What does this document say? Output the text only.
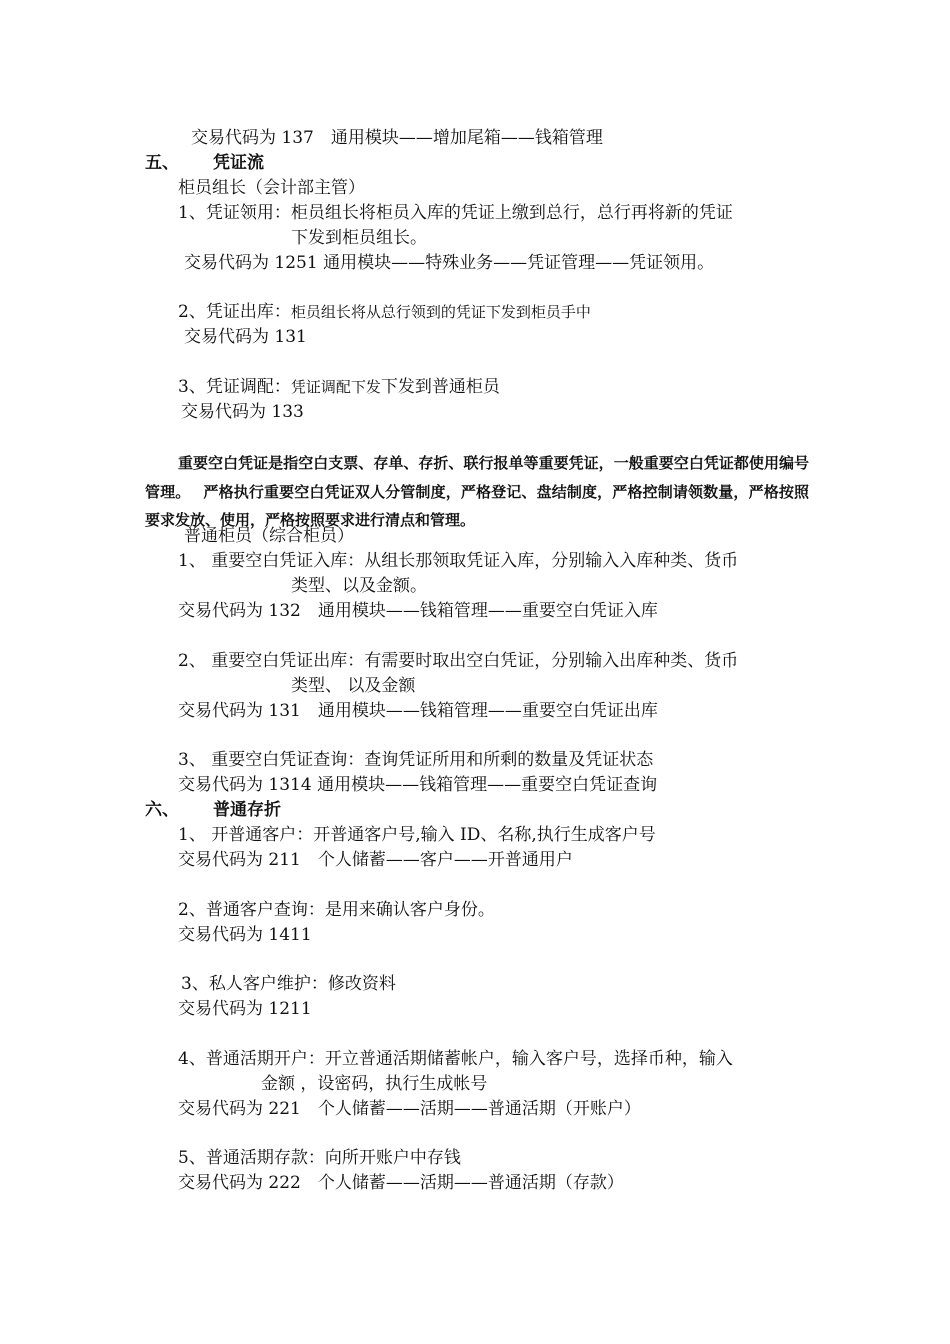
交易代码为 137　通用模块——增加尾箱——钱箱管理
五、 凭证流
柜员组长（会计部主管）
1、凭证领用：柜员组长将柜员入库的凭证上缴到总行，总行再将新的凭证
下发到柜员组长。
交易代码为 1251 通用模块——特殊业务——凭证管理——凭证领用。
2、凭证出库：柜员组长将从总行领到的凭证下发到柜员手中
交易代码为 131
3、凭证调配：凭证调配下发下发到普通柜员
交易代码为 133
重要空白凭证是指空白支票、存单、存折、联行报单等重要凭证，一般重要空白凭证都使用编号管理。　 严格执行重要空白凭证双人分管制度，严格登记、盘结制度，严格控制请领数量，严格按照要求发放、使用，严格按照要求进行清点和管理。
普通柜员（综合柜员）
1、 重要空白凭证入库：从组长那领取凭证入库，分别输入入库种类、货币
类型、以及金额。
交易代码为 132　通用模块——钱箱管理——重要空白凭证入库
2、 重要空白凭证出库：有需要时取出空白凭证，分别输入出库种类、货币
类型、 以及金额
交易代码为 131　通用模块——钱箱管理——重要空白凭证出库
3、 重要空白凭证查询：查询凭证所用和所剩的数量及凭证状态
交易代码为 1314 通用模块——钱箱管理——重要空白凭证查询
六、 普通存折
1、 开普通客户：开普通客户号,输入 ID、名称,执行生成客户号
交易代码为 211　个人储蓄——客户——开普通用户
2、普通客户查询：是用来确认客户身份。
交易代码为 1411
3、私人客户维护：修改资料
交易代码为 1211
4、普通活期开户：开立普通活期储蓄帐户，输入客户号，选择币种，输入
金额 ，设密码，执行生成帐号
交易代码为 221　个人储蓄——活期——普通活期（开账户）
5、普通活期存款：向所开账户中存钱
交易代码为 222　个人储蓄——活期——普通活期（存款）
